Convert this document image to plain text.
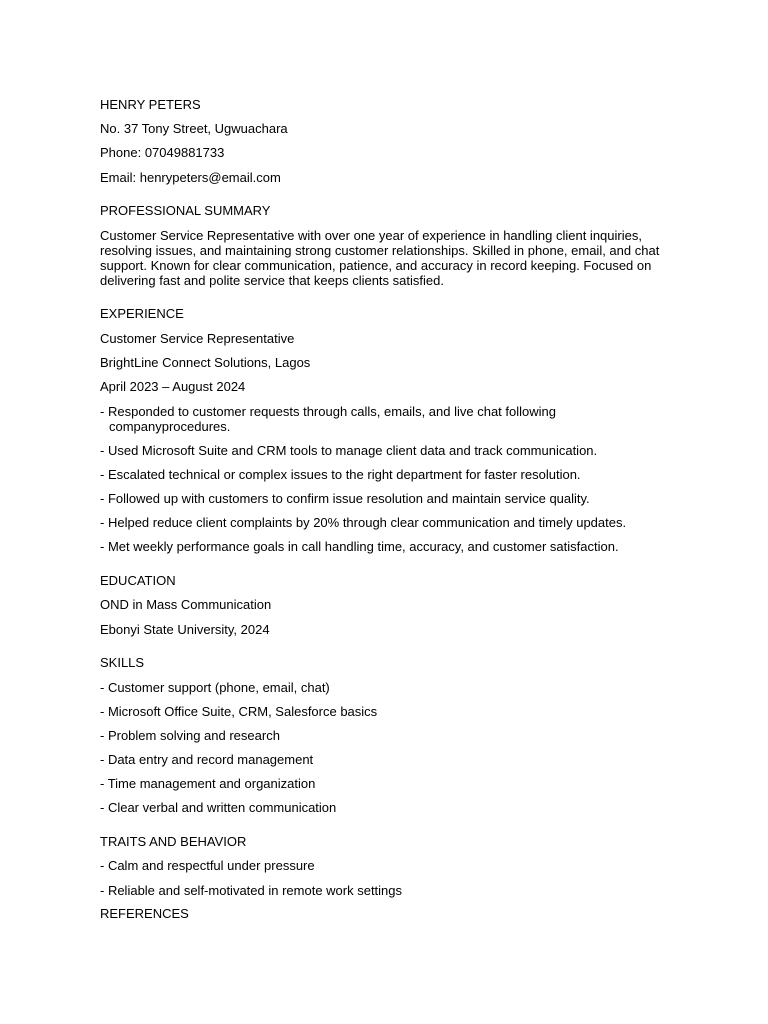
HENRY PETERS
No. 37 Tony Street, Ugwuachara
Phone: 07049881733
Email: henrypeters@email.com
PROFESSIONAL SUMMARY
Customer Service Representative with over one year of experience in handling client inquiries,
resolving issues, and maintaining strong customer relationships. Skilled in phone, email, and chat
support. Known for clear communication, patience, and accuracy in record keeping. Focused on
delivering fast and polite service that keeps clients satisfied.
EXPERIENCE
Customer Service Representative
BrightLine Connect Solutions, Lagos
April 2023 – August 2024
- Responded to customer requests through calls, emails, and live chat following
companyprocedures.
- Used Microsoft Suite and CRM tools to manage client data and track communication.
- Escalated technical or complex issues to the right department for faster resolution.
- Followed up with customers to confirm issue resolution and maintain service quality.
- Helped reduce client complaints by 20% through clear communication and timely updates.
- Met weekly performance goals in call handling time, accuracy, and customer satisfaction.
EDUCATION
OND in Mass Communication
Ebonyi State University, 2024
SKILLS
- Customer support (phone, email, chat)
- Microsoft Office Suite, CRM, Salesforce basics
- Problem solving and research
- Data entry and record management
- Time management and organization
- Clear verbal and written communication
TRAITS AND BEHAVIOR
- Calm and respectful under pressure
- Reliable and self-motivated in remote work settings
REFERENCES
